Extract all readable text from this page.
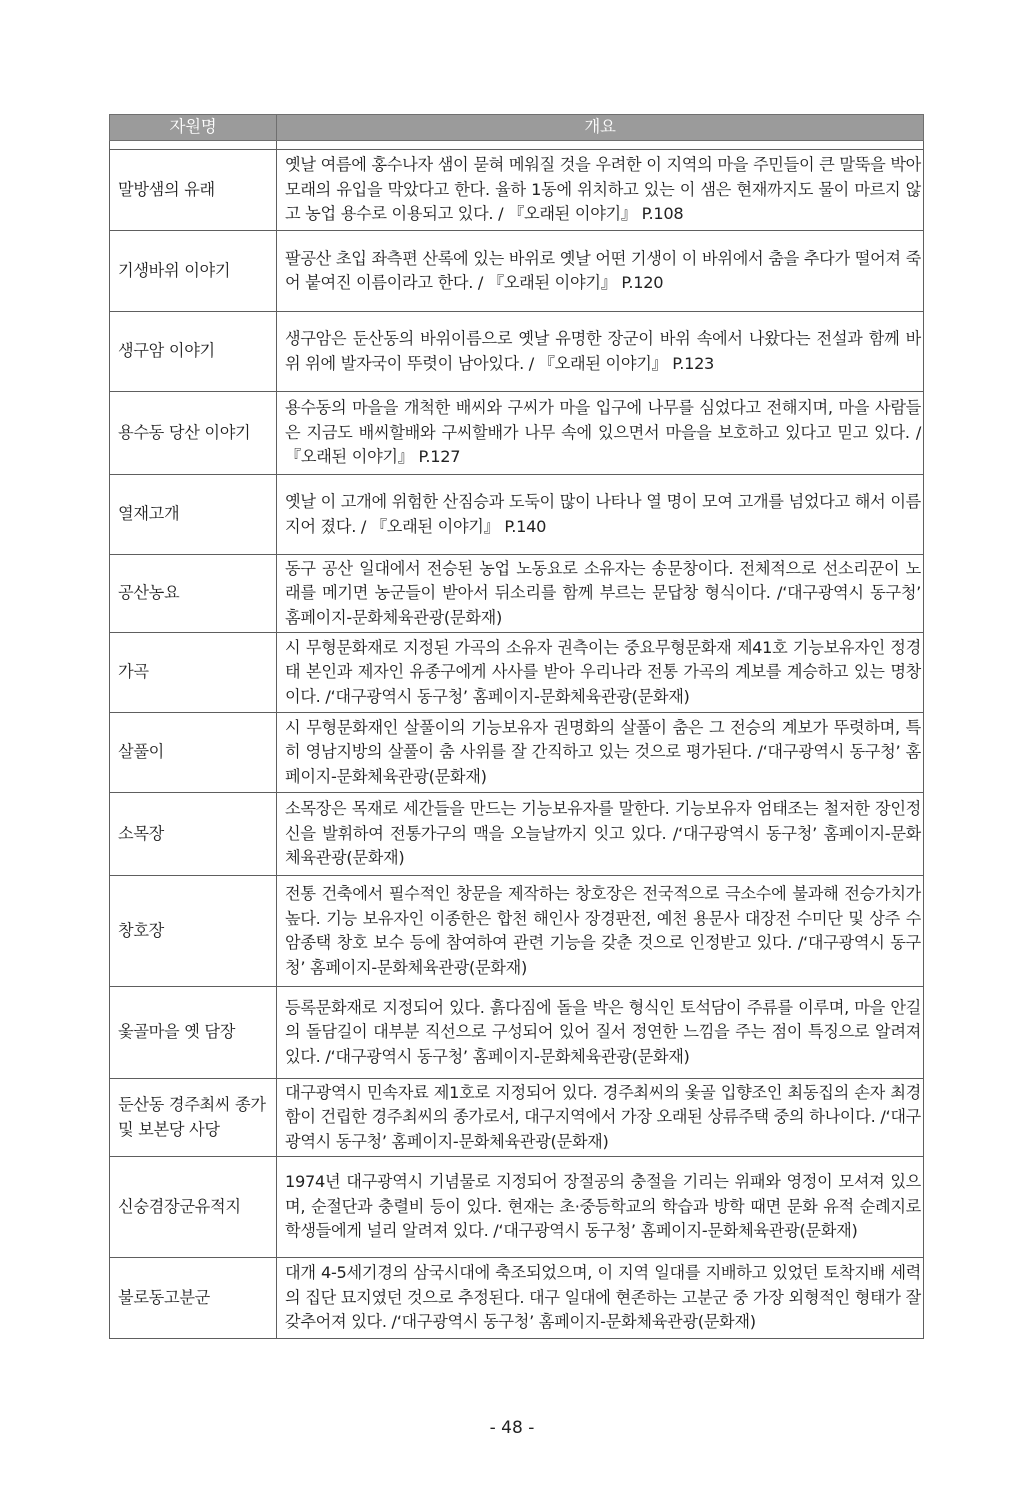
자원명	개요

말방샘의 유래	옛날 여름에 홍수나자 샘이 묻혀 메워질 것을 우려한 이 지역의 마을 주민들이 큰 말뚝을 박아 모래의 유입을 막았다고 한다. 율하 1동에 위치하고 있는 이 샘은 현재까지도 물이 마르지 않고 농업 용수로 이용되고 있다. / 『오래된 이야기』 P.108
기생바위 이야기	팔공산 초입 좌측편 산록에 있는 바위로 옛날 어떤 기생이 이 바위에서 춤을 추다가 떨어져 죽어 붙여진 이름이라고 한다. / 『오래된 이야기』 P.120
생구암 이야기	생구암은 둔산동의 바위이름으로 옛날 유명한 장군이 바위 속에서 나왔다는 전설과 함께 바위 위에 발자국이 뚜렷이 남아있다. / 『오래된 이야기』 P.123
용수동 당산 이야기	용수동의 마을을 개척한 배씨와 구씨가 마을 입구에 나무를 심었다고 전해지며, 마을 사람들은 지금도 배씨할배와 구씨할배가 나무 속에 있으면서 마을을 보호하고 있다고 믿고 있다. / 『오래된 이야기』 P.127
열재고개	옛날 이 고개에 위험한 산짐승과 도둑이 많이 나타나 열 명이 모여 고개를 넘었다고 해서 이름지어 졌다. / 『오래된 이야기』 P.140
공산농요	동구 공산 일대에서 전승된 농업 노동요로 소유자는 송문창이다. 전체적으로 선소리꾼이 노래를 메기면 농군들이 받아서 뒤소리를 함께 부르는 문답창 형식이다. /‘대구광역시 동구청’ 홈페이지-문화체육관광(문화재)
가곡	시 무형문화재로 지정된 가곡의 소유자 권측이는 중요무형문화재 제41호 기능보유자인 정경태 본인과 제자인 유종구에게 사사를 받아 우리나라 전통 가곡의 계보를 계승하고 있는 명창이다. /‘대구광역시 동구청’ 홈페이지-문화체육관광(문화재)
살풀이	시 무형문화재인 살풀이의 기능보유자 권명화의 살풀이 춤은 그 전승의 계보가 뚜렷하며, 특히 영남지방의 살풀이 춤 사위를 잘 간직하고 있는 것으로 평가된다. /‘대구광역시 동구청’ 홈페이지-문화체육관광(문화재)
소목장	소목장은 목재로 세간들을 만드는 기능보유자를 말한다. 기능보유자 엄태조는 철저한 장인정신을 발휘하여 전통가구의 맥을 오늘날까지 잇고 있다. /‘대구광역시 동구청’ 홈페이지-문화체육관광(문화재)
창호장	전통 건축에서 필수적인 창문을 제작하는 창호장은 전국적으로 극소수에 불과해 전승가치가 높다. 기능 보유자인 이종한은 합천 해인사 장경판전, 예천 용문사 대장전 수미단 및 상주 수암종택 창호 보수 등에 참여하여 관련 기능을 갖춘 것으로 인정받고 있다. /‘대구광역시 동구청’ 홈페이지-문화체육관광(문화재)
옻골마을 옛 담장	등록문화재로 지정되어 있다. 흙다짐에 돌을 박은 형식인 토석담이 주류를 이루며, 마을 안길의 돌담길이 대부분 직선으로 구성되어 있어 질서 정연한 느낌을 주는 점이 특징으로 알려져 있다. /‘대구광역시 동구청’ 홈페이지-문화체육관광(문화재)
둔산동 경주최씨 종가 및 보본당 사당	대구광역시 민속자료 제1호로 지정되어 있다. 경주최씨의 옻골 입향조인 최동집의 손자 최경함이 건립한 경주최씨의 종가로서, 대구지역에서 가장 오래된 상류주택 중의 하나이다. /‘대구광역시 동구청’ 홈페이지-문화체육관광(문화재)
신숭겸장군유적지	1974년 대구광역시 기념물로 지정되어 장절공의 충절을 기리는 위패와 영정이 모셔져 있으며, 순절단과 충렬비 등이 있다. 현재는 초·중등학교의 학습과 방학 때면 문화 유적 순례지로 학생들에게 널리 알려져 있다. /‘대구광역시 동구청’ 홈페이지-문화체육관광(문화재)
불로동고분군	대개 4-5세기경의 삼국시대에 축조되었으며, 이 지역 일대를 지배하고 있었던 토착지배 세력의 집단 묘지였던 것으로 추정된다. 대구 일대에 현존하는 고분군 중 가장 외형적인 형태가 잘 갖추어져 있다. /‘대구광역시 동구청’ 홈페이지-문화체육관광(문화재)
- 48 -
